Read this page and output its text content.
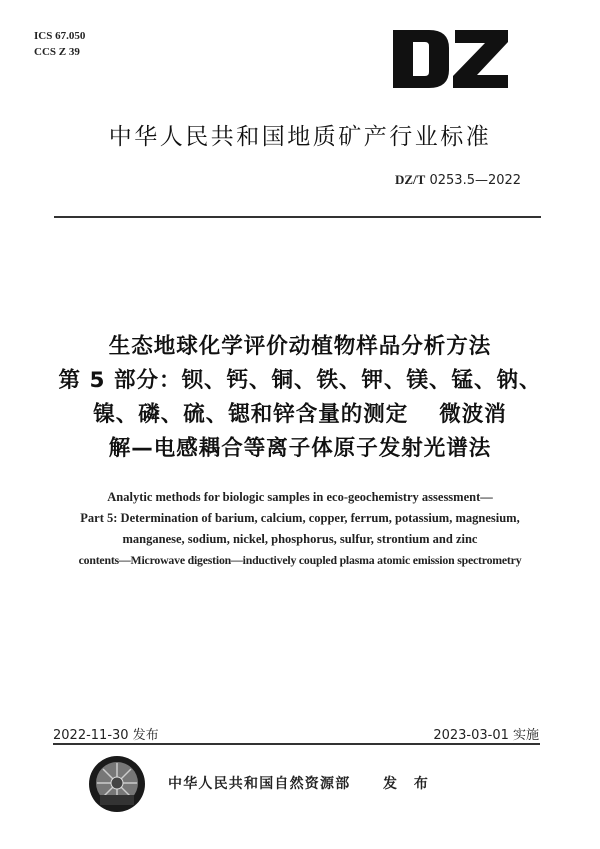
ICS 67.050
CCS Z 39
中华人民共和国地质矿产行业标准
DZ/T 0253.5—2022
生态地球化学评价动植物样品分析方法
第 5 部分：钡、钙、铜、铁、钾、镁、锰、钠、
镍、磷、硫、锶和锌含量的测定　 微波消
解—电感耦合等离子体原子发射光谱法
Analytic methods for biologic samples in eco-geochemistry assessment—
Part 5: Determination of barium, calcium, copper, ferrum, potassium, magnesium,
manganese, sodium, nickel, phosphorus, sulfur, strontium and zinc
contents—Microwave digestion—inductively coupled plasma atomic emission spectrometry
2022-11-30 发布	2023-03-01 实施
中华人民共和国自然资源部 发 布
